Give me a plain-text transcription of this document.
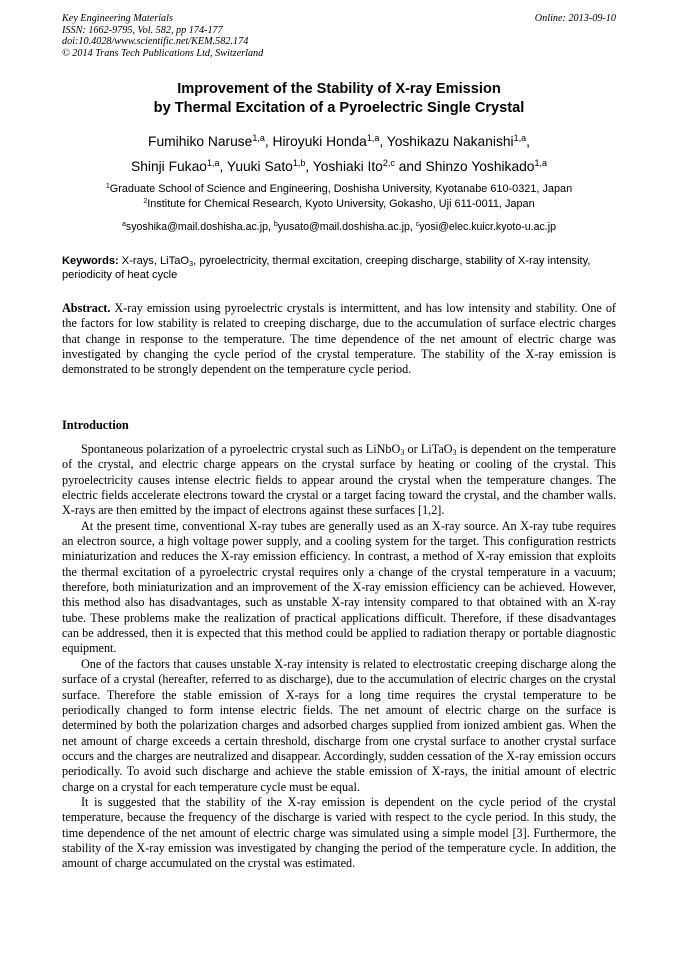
Key Engineering Materials
ISSN: 1662-9795, Vol. 582, pp 174-177
doi:10.4028/www.scientific.net/KEM.582.174
© 2014 Trans Tech Publications Ltd, Switzerland
Online: 2013-09-10
Improvement of the Stability of X-ray Emission
by Thermal Excitation of a Pyroelectric Single Crystal
Fumihiko Naruse$^{1,a}$, Hiroyuki Honda$^{1,a}$, Yoshikazu Nakanishi$^{1,a}$,
Shinji Fukao$^{1,a}$, Yuuki Sato$^{1,b}$, Yoshiaki Ito$^{2,c}$ and Shinzo Yoshikado$^{1,a}$
$^1$Graduate School of Science and Engineering, Doshisha University, Kyotanabe 610-0321, Japan
$^2$Institute for Chemical Research, Kyoto University, Gokasho, Uji 611-0011, Japan
$^a$syoshika@mail.doshisha.ac.jp, $^b$yusato@mail.doshisha.ac.jp, $^c$yosi@elec.kuicr.kyoto-u.ac.jp
Keywords: X-rays, LiTaO$_3$, pyroelectricity, thermal excitation, creeping discharge, stability of X-ray intensity, periodicity of heat cycle
Abstract. X-ray emission using pyroelectric crystals is intermittent, and has low intensity and stability. One of the factors for low stability is related to creeping discharge, due to the accumulation of surface electric charges that change in response to the temperature. The time dependence of the net amount of electric charge was investigated by changing the cycle period of the crystal temperature. The stability of the X-ray emission is demonstrated to be strongly dependent on the temperature cycle period.
Introduction

Spontaneous polarization of a pyroelectric crystal such as LiNbO$_3$ or LiTaO$_3$ is dependent on the temperature of the crystal, and electric charge appears on the crystal surface by heating or cooling of the crystal. This pyroelectricity causes intense electric fields to appear around the crystal when the temperature changes. The electric fields accelerate electrons toward the crystal or a target facing toward the crystal, and the chamber walls. X-rays are then emitted by the impact of electrons against these surfaces [1,2].

At the present time, conventional X-ray tubes are generally used as an X-ray source. An X-ray tube requires an electron source, a high voltage power supply, and a cooling system for the target. This configuration restricts miniaturization and reduces the X-ray emission efficiency. In contrast, a method of X-ray emission that exploits the thermal excitation of a pyroelectric crystal requires only a change of the crystal temperature in a vacuum; therefore, both miniaturization and an improvement of the X-ray emission efficiency can be achieved. However, this method also has disadvantages, such as unstable X-ray intensity compared to that obtained with an X-ray tube. These problems make the realization of practical applications difficult. Therefore, if these disadvantages can be addressed, then it is expected that this method could be applied to radiation therapy or portable diagnostic equipment.

One of the factors that causes unstable X-ray intensity is related to electrostatic creeping discharge along the surface of a crystal (hereafter, referred to as discharge), due to the accumulation of electric charges on the crystal surface. Therefore the stable emission of X-rays for a long time requires the crystal temperature to be periodically changed to form intense electric fields. The net amount of electric charge on the surface is determined by both the polarization charges and adsorbed charges supplied from ionized ambient gas. When the net amount of charge exceeds a certain threshold, discharge from one crystal surface to another crystal surface occurs and the charges are neutralized and disappear. Accordingly, sudden cessation of the X-ray emission occurs periodically. To avoid such discharge and achieve the stable emission of X-rays, the initial amount of electric charge on a crystal for each temperature cycle must be equal.

It is suggested that the stability of the X-ray emission is dependent on the cycle period of the crystal temperature, because the frequency of the discharge is varied with respect to the cycle period. In this study, the time dependence of the net amount of electric charge was simulated using a simple model [3]. Furthermore, the stability of the X-ray emission was investigated by changing the period of the temperature cycle. In addition, the amount of charge accumulated on the crystal was estimated.
